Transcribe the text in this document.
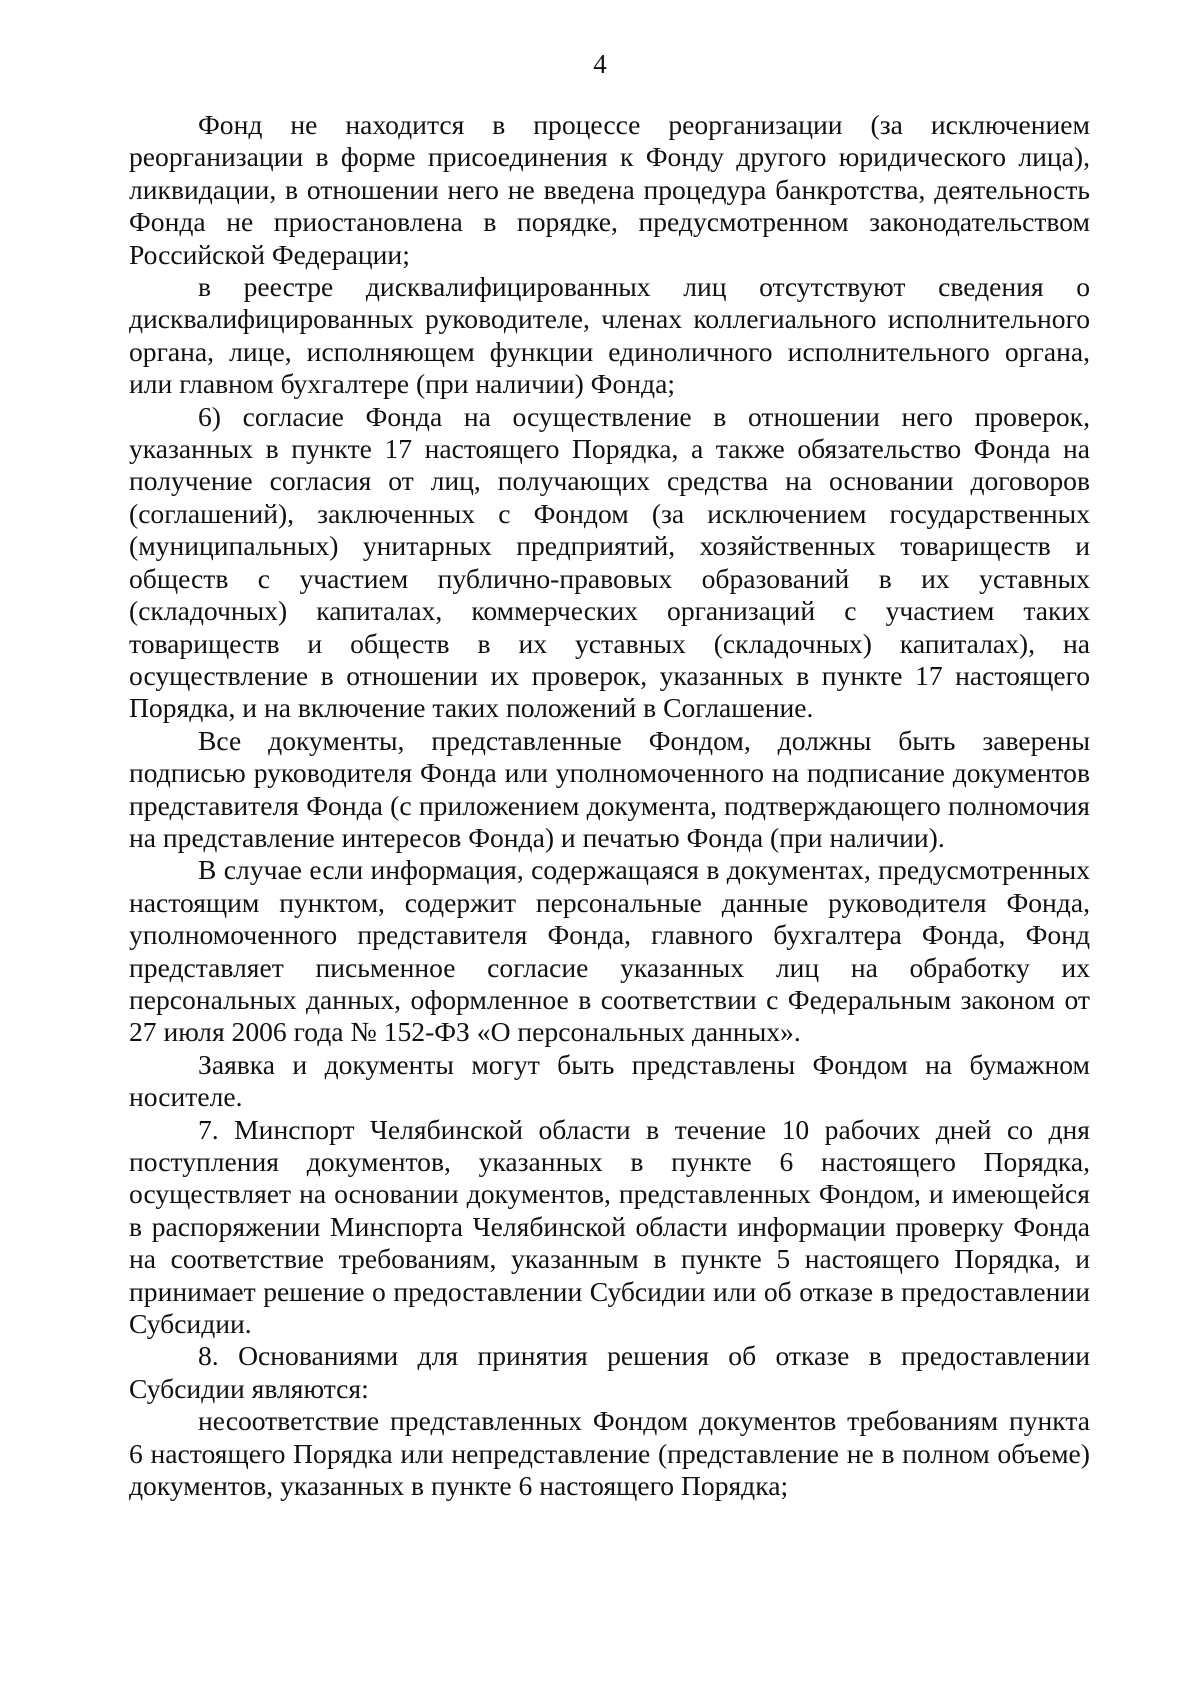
4

Фонд не находится в процессе реорганизации (за исключением реорганизации в форме присоединения к Фонду другого юридического лица), ликвидации, в отношении него не введена процедура банкротства, деятельность Фонда не приостановлена в порядке, предусмотренном законодательством Российской Федерации;

в реестре дисквалифицированных лиц отсутствуют сведения о дисквалифицированных руководителе, членах коллегиального исполнительного органа, лице, исполняющем функции единоличного исполнительного органа, или главном бухгалтере (при наличии) Фонда;

6) согласие Фонда на осуществление в отношении него проверок, указанных в пункте 17 настоящего Порядка, а также обязательство Фонда на получение согласия от лиц, получающих средства на основании договоров (соглашений), заключенных с Фондом (за исключением государственных (муниципальных) унитарных предприятий, хозяйственных товариществ и обществ с участием публично-правовых образований в их уставных (складочных) капиталах, коммерческих организаций с участием таких товариществ и обществ в их уставных (складочных) капиталах), на осуществление в отношении их проверок, указанных в пункте 17 настоящего Порядка, и на включение таких положений в Соглашение.

Все документы, представленные Фондом, должны быть заверены подписью руководителя Фонда или уполномоченного на подписание документов представителя Фонда (с приложением документа, подтверждающего полномочия на представление интересов Фонда) и печатью Фонда (при наличии).

В случае если информация, содержащаяся в документах, предусмотренных настоящим пунктом, содержит персональные данные руководителя Фонда, уполномоченного представителя Фонда, главного бухгалтера Фонда, Фонд представляет письменное согласие указанных лиц на обработку их персональных данных, оформленное в соответствии с Федеральным законом от 27 июля 2006 года № 152-ФЗ «О персональных данных».

Заявка и документы могут быть представлены Фондом на бумажном носителе.

7. Минспорт Челябинской области в течение 10 рабочих дней со дня поступления документов, указанных в пункте 6 настоящего Порядка, осуществляет на основании документов, представленных Фондом, и имеющейся в распоряжении Минспорта Челябинской области информации проверку Фонда на соответствие требованиям, указанным в пункте 5 настоящего Порядка, и принимает решение о предоставлении Субсидии или об отказе в предоставлении Субсидии.

8. Основаниями для принятия решения об отказе в предоставлении Субсидии являются:

несоответствие представленных Фондом документов требованиям пункта 6 настоящего Порядка или непредставление (представление не в полном объеме) документов, указанных в пункте 6 настоящего Порядка;
